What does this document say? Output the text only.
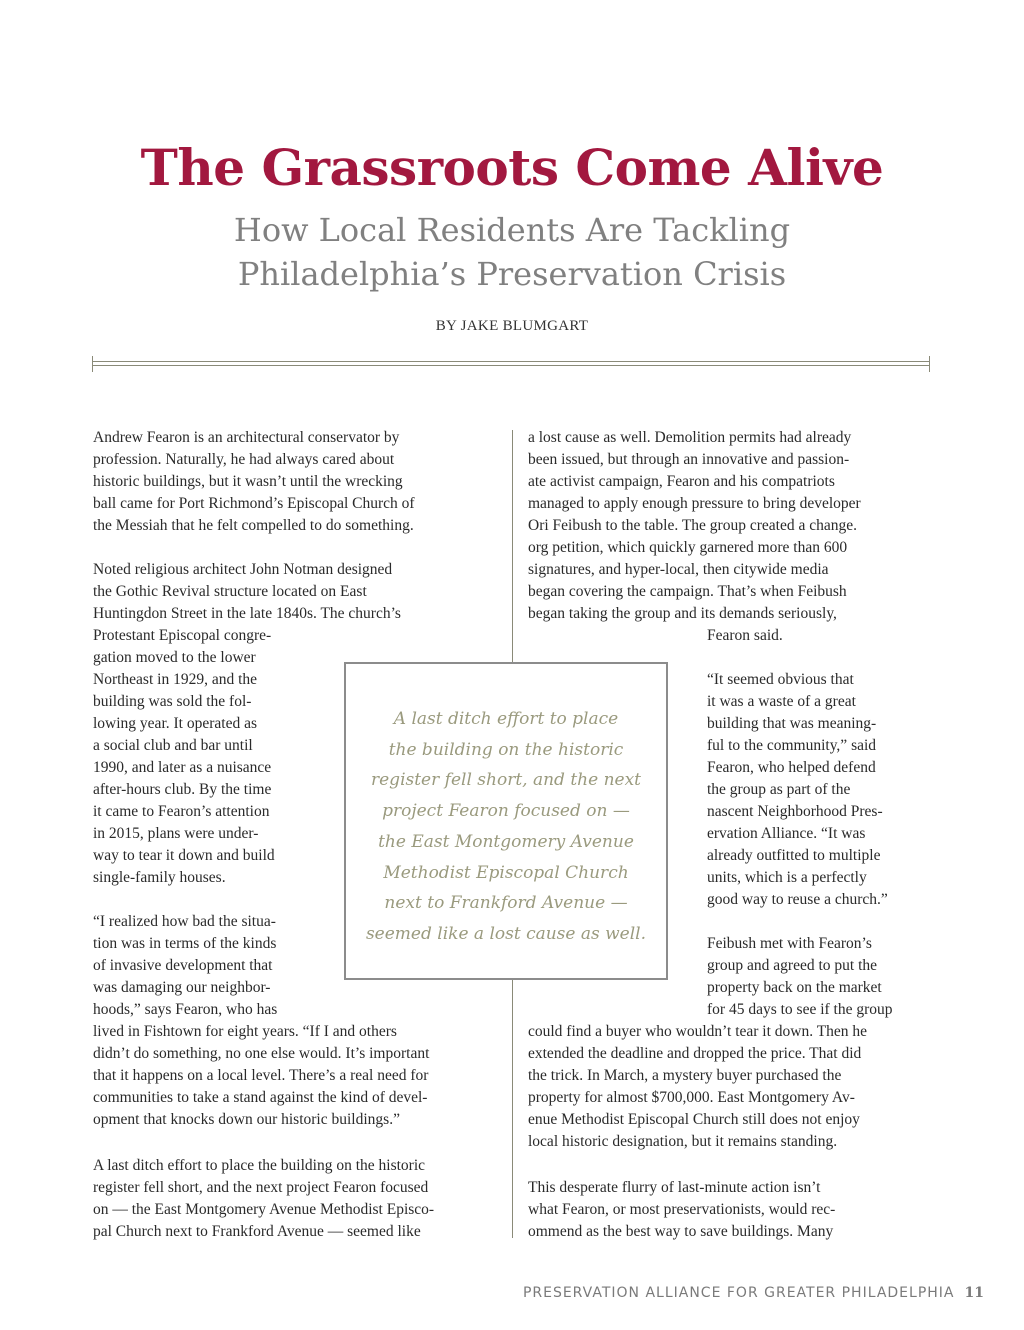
The Grassroots Come Alive
How Local Residents Are Tackling
Philadelphia’s Preservation Crisis
BY JAKE BLUMGART
Andrew Fearon is an architectural conservator by
profession. Naturally, he had always cared about
historic buildings, but it wasn’t until the wrecking
ball came for Port Richmond’s Episcopal Church of
the Messiah that he felt compelled to do something.
Noted religious architect John Notman designed
the Gothic Revival structure located on East
Huntingdon Street in the late 1840s. The church’s
Protestant Episcopal congre-
gation moved to the lower
Northeast in 1929, and the
building was sold the fol-
lowing year. It operated as
a social club and bar until
1990, and later as a nuisance
after-hours club. By the time
it came to Fearon’s attention
in 2015, plans were under-
way to tear it down and build
single-family houses.
“I realized how bad the situa-
tion was in terms of the kinds
of invasive development that
was damaging our neighbor-
hoods,” says Fearon, who has
lived in Fishtown for eight years. “If I and others
didn’t do something, no one else would. It’s important
that it happens on a local level. There’s a real need for
communities to take a stand against the kind of devel-
opment that knocks down our historic buildings.”
A last ditch effort to place the building on the historic
register fell short, and the next project Fearon focused
on — the East Montgomery Avenue Methodist Episco-
pal Church next to Frankford Avenue — seemed like
a lost cause as well. Demolition permits had already
been issued, but through an innovative and passion-
ate activist campaign, Fearon and his compatriots
managed to apply enough pressure to bring developer
Ori Feibush to the table. The group created a change.
org petition, which quickly garnered more than 600
signatures, and hyper-local, then citywide media
began covering the campaign. That’s when Feibush
began taking the group and its demands seriously,
Fearon said.
“It seemed obvious that
it was a waste of a great
building that was meaning-
ful to the community,” said
Fearon, who helped defend
the group as part of the
nascent Neighborhood Pres-
ervation Alliance. “It was
already outfitted to multiple
units, which is a perfectly
good way to reuse a church.”
Feibush met with Fearon’s
group and agreed to put the
property back on the market
for 45 days to see if the group
could find a buyer who wouldn’t tear it down. Then he
extended the deadline and dropped the price. That did
the trick. In March, a mystery buyer purchased the
property for almost $700,000. East Montgomery Av-
enue Methodist Episcopal Church still does not enjoy
local historic designation, but it remains standing.
This desperate flurry of last-minute action isn’t
what Fearon, or most preservationists, would rec-
ommend as the best way to save buildings. Many

A last ditch effort to place
the building on the historic
register fell short, and the next
project Fearon focused on —
the East Montgomery Avenue
Methodist Episcopal Church
next to Frankford Avenue —
seemed like a lost cause as well.

PRESERVATION ALLIANCE FOR GREATER PHILADELPHIA 11
